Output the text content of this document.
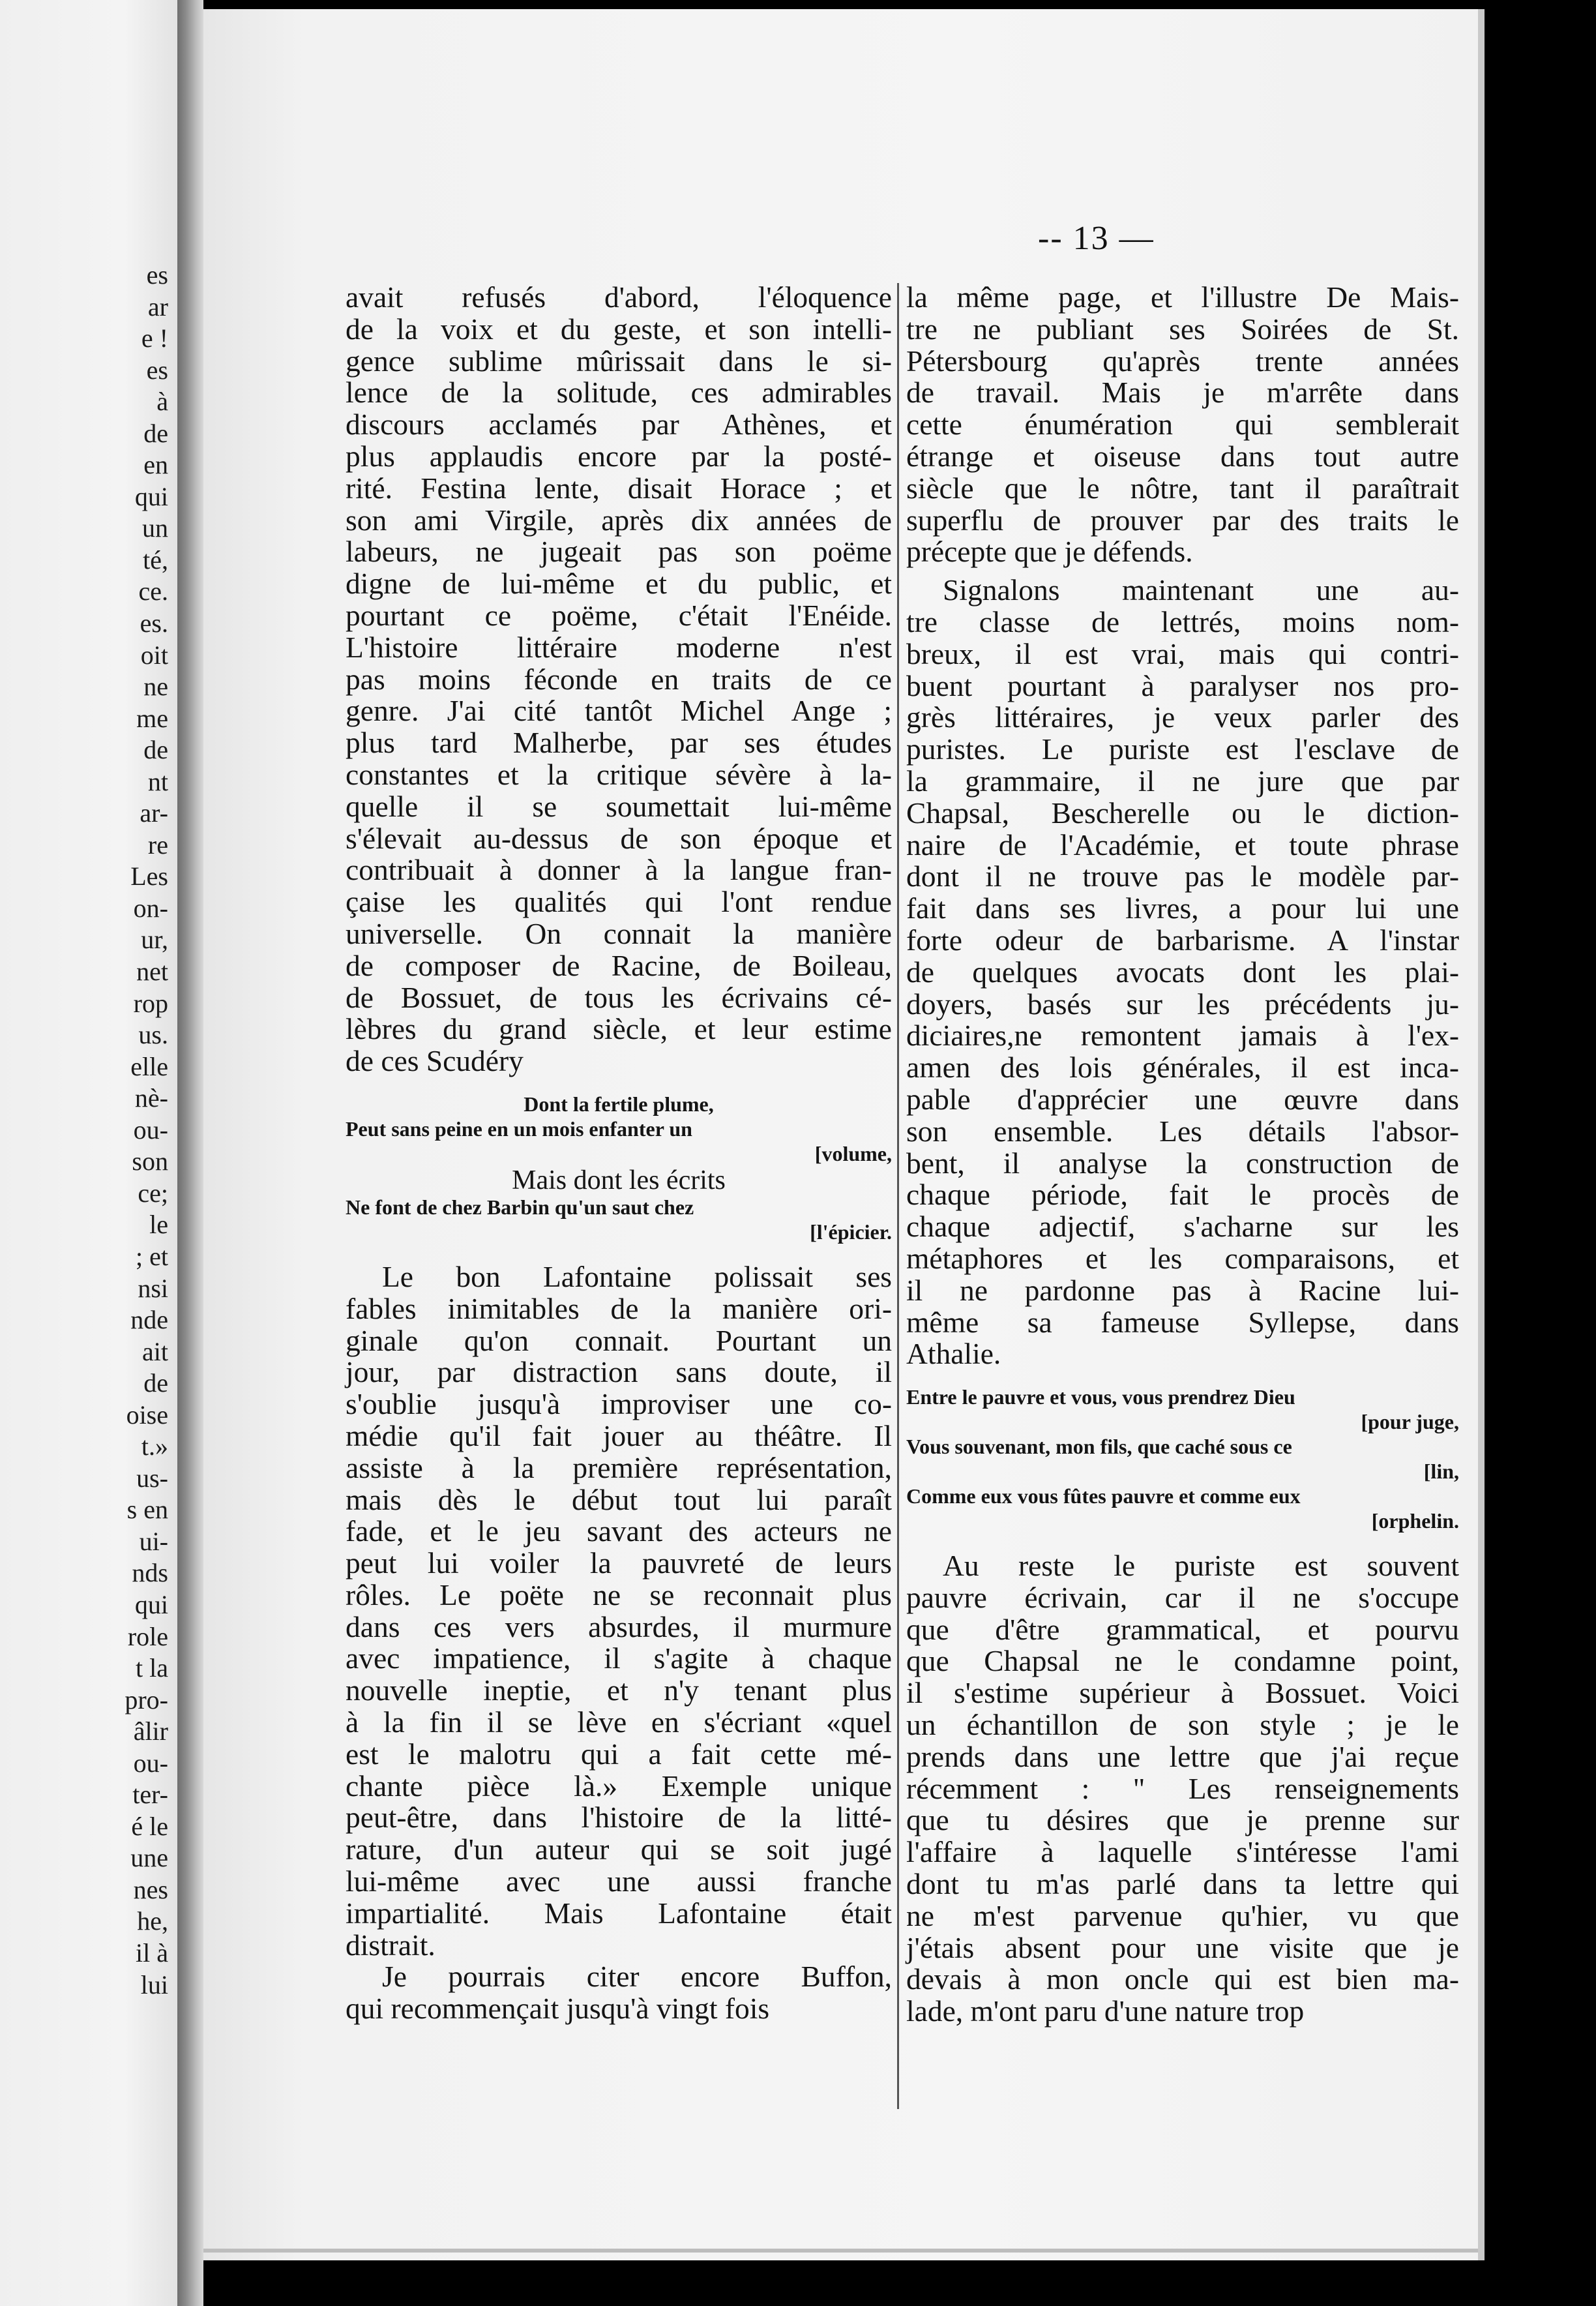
es
ar
e !
es
à
de
en
qui
un
té,
ce.
es.
oit
ne
me
de
nt
ar-
re
Les
on-
ur,
net
rop
us.
elle
nè-
ou-
son
ce;
le
; et
nsi
nde
ait
de
oise
t.»
us-
s en
ui-
nds
qui
role
t la
pro-
âlir
ou-
ter-
é le
une
nes
he,
il à
lui
-- 13 —
avait refusés d'abord, l'éloquence
de la voix et du geste, et son intelli-
gence sublime mûrissait dans le si-
lence de la solitude, ces admirables
discours acclamés par Athènes, et
plus applaudis encore par la posté-
rité. Festina lente, disait Horace ; et
son ami Virgile, après dix années de
labeurs, ne jugeait pas son poëme
digne de lui-même et du public, et
pourtant ce poëme, c'était l'Enéide.
L'histoire littéraire moderne n'est
pas moins féconde en traits de ce
genre. J'ai cité tantôt Michel Ange ;
plus tard Malherbe, par ses études
constantes et la critique sévère à la-
quelle il se soumettait lui-même
s'élevait au-dessus de son époque et
contribuait à donner à la langue fran-
çaise les qualités qui l'ont rendue
universelle. On connait la manière
de composer de Racine, de Boileau,
de Bossuet, de tous les écrivains cé-
lèbres du grand siècle, et leur estime
de ces Scudéry
Dont la fertile plume,
Peut sans peine en un mois enfanter un
[volume,
Mais dont les écrits
Ne font de chez Barbin qu'un saut chez
[l'épicier.
Le bon Lafontaine polissait ses
fables inimitables de la manière ori-
ginale qu'on connait. Pourtant un
jour, par distraction sans doute, il
s'oublie jusqu'à improviser une co-
médie qu'il fait jouer au théâtre. Il
assiste à la première représentation,
mais dès le début tout lui paraît
fade, et le jeu savant des acteurs ne
peut lui voiler la pauvreté de leurs
rôles. Le poëte ne se reconnait plus
dans ces vers absurdes, il murmure
avec impatience, il s'agite à chaque
nouvelle ineptie, et n'y tenant plus
à la fin il se lève en s'écriant «quel
est le malotru qui a fait cette mé-
chante pièce là.» Exemple unique
peut-être, dans l'histoire de la litté-
rature, d'un auteur qui se soit jugé
lui-même avec une aussi franche
impartialité. Mais Lafontaine était
distrait.
Je pourrais citer encore Buffon,
qui recommençait jusqu'à vingt fois
la même page, et l'illustre De Mais-
tre ne publiant ses Soirées de St.
Pétersbourg qu'après trente années
de travail. Mais je m'arrête dans
cette énumération qui semblerait
étrange et oiseuse dans tout autre
siècle que le nôtre, tant il paraîtrait
superflu de prouver par des traits le
précepte que je défends.
Signalons maintenant une au-
tre classe de lettrés, moins nom-
breux, il est vrai, mais qui contri-
buent pourtant à paralyser nos pro-
grès littéraires, je veux parler des
puristes. Le puriste est l'esclave de
la grammaire, il ne jure que par
Chapsal, Bescherelle ou le diction-
naire de l'Académie, et toute phrase
dont il ne trouve pas le modèle par-
fait dans ses livres, a pour lui une
forte odeur de barbarisme. A l'instar
de quelques avocats dont les plai-
doyers, basés sur les précédents ju-
diciaires,ne remontent jamais à l'ex-
amen des lois générales, il est inca-
pable d'apprécier une œuvre dans
son ensemble. Les détails l'absor-
bent, il analyse la construction de
chaque période, fait le procès de
chaque adjectif, s'acharne sur les
métaphores et les comparaisons, et
il ne pardonne pas à Racine lui-
même sa fameuse Syllepse, dans
Athalie.
Entre le pauvre et vous, vous prendrez Dieu
[pour juge,
Vous souvenant, mon fils, que caché sous ce
[lin,
Comme eux vous fûtes pauvre et comme eux
[orphelin.
Au reste le puriste est souvent
pauvre écrivain, car il ne s'occupe
que d'être grammatical, et pourvu
que Chapsal ne le condamne point,
il s'estime supérieur à Bossuet. Voici
un échantillon de son style ; je le
prends dans une lettre que j'ai reçue
récemment : " Les renseignements
que tu désires que je prenne sur
l'affaire à laquelle s'intéresse l'ami
dont tu m'as parlé dans ta lettre qui
ne m'est parvenue qu'hier, vu que
j'étais absent pour une visite que je
devais à mon oncle qui est bien ma-
lade, m'ont paru d'une nature trop
